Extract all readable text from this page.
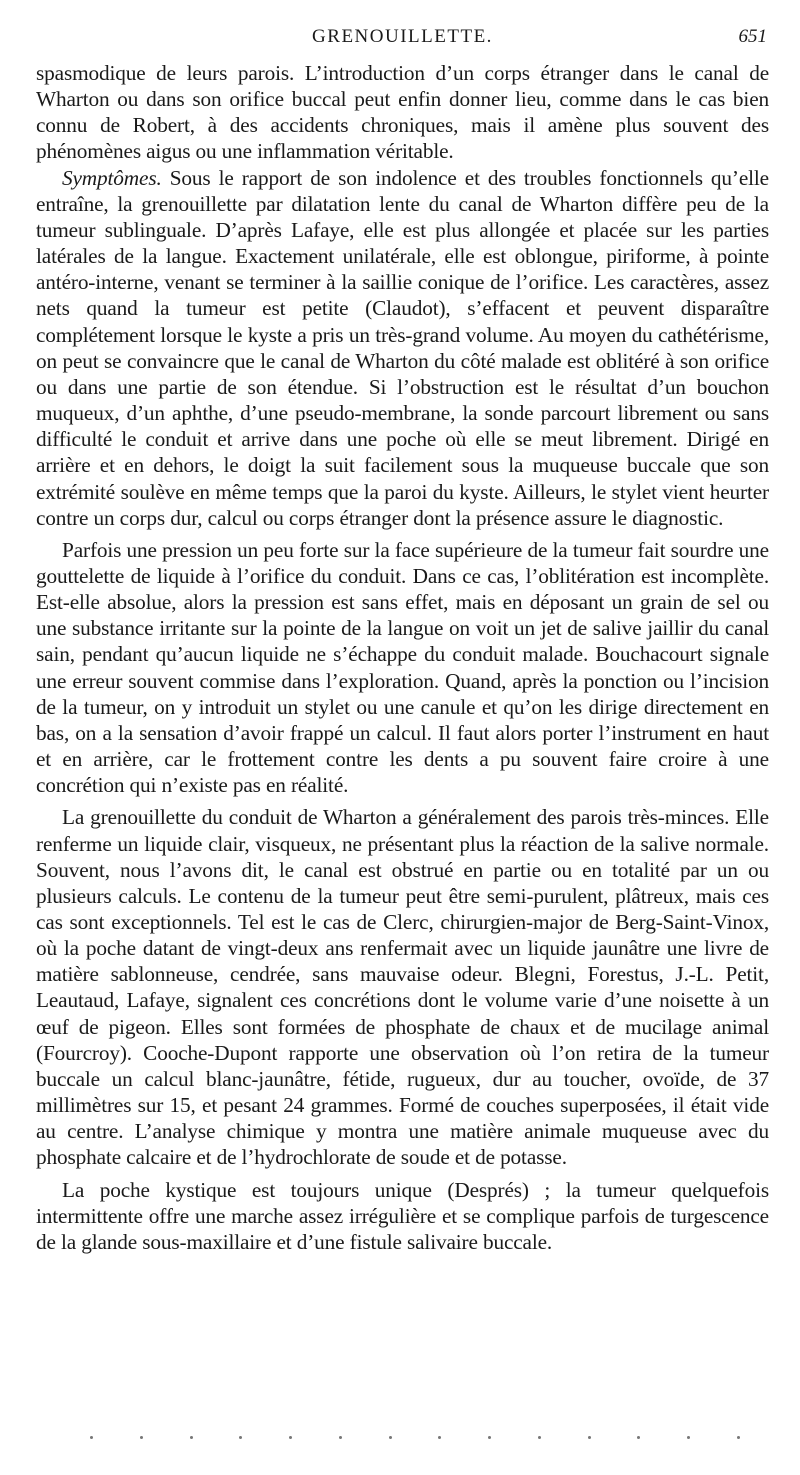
GRENOUILLETTE.	651

spasmodique de leurs parois. L’introduction d’un corps étranger dans le canal de Wharton ou dans son orifice buccal peut enfin donner lieu, comme dans le cas bien connu de Robert, à des accidents chroniques, mais il amène plus souvent des phénomènes aigus ou une inflammation véritable.

Symptômes. Sous le rapport de son indolence et des troubles fonctionnels qu’elle entraîne, la grenouillette par dilatation lente du canal de Wharton diffère peu de la tumeur sublinguale. D’après Lafaye, elle est plus allongée et placée sur les parties latérales de la langue. Exactement unilatérale, elle est oblongue, piriforme, à pointe antéro-interne, venant se terminer à la saillie conique de l’orifice. Les caractères, assez nets quand la tumeur est petite (Claudot), s’effacent et peuvent disparaître complétement lorsque le kyste a pris un très-grand volume. Au moyen du cathétérisme, on peut se convaincre que le canal de Wharton du côté malade est oblitéré à son orifice ou dans une partie de son étendue. Si l’obstruction est le résultat d’un bouchon muqueux, d’un aphthe, d’une pseudo-membrane, la sonde parcourt librement ou sans difficulté le conduit et arrive dans une poche où elle se meut librement. Dirigé en arrière et en dehors, le doigt la suit facilement sous la muqueuse buccale que son extrémité soulève en même temps que la paroi du kyste. Ailleurs, le stylet vient heurter contre un corps dur, calcul ou corps étranger dont la présence assure le diagnostic.

Parfois une pression un peu forte sur la face supérieure de la tumeur fait sourdre une gouttelette de liquide à l’orifice du conduit. Dans ce cas, l’oblitération est incomplète. Est-elle absolue, alors la pression est sans effet, mais en déposant un grain de sel ou une substance irritante sur la pointe de la langue on voit un jet de salive jaillir du canal sain, pendant qu’aucun liquide ne s’échappe du conduit malade. Bouchacourt signale une erreur souvent commise dans l’exploration. Quand, après la ponction ou l’incision de la tumeur, on y introduit un stylet ou une canule et qu’on les dirige directement en bas, on a la sensation d’avoir frappé un calcul. Il faut alors porter l’instrument en haut et en arrière, car le frottement contre les dents a pu souvent faire croire à une concrétion qui n’existe pas en réalité.

La grenouillette du conduit de Wharton a généralement des parois très-minces. Elle renferme un liquide clair, visqueux, ne présentant plus la réaction de la salive normale. Souvent, nous l’avons dit, le canal est obstrué en partie ou en totalité par un ou plusieurs calculs. Le contenu de la tumeur peut être semi-purulent, plâtreux, mais ces cas sont exceptionnels. Tel est le cas de Clerc, chirurgien-major de Berg-Saint-Vinox, où la poche datant de vingt-deux ans renfermait avec un liquide jaunâtre une livre de matière sablonneuse, cendrée, sans mauvaise odeur. Blegni, Forestus, J.-L. Petit, Leautaud, Lafaye, signalent ces concrétions dont le volume varie d’une noisette à un œuf de pigeon. Elles sont formées de phosphate de chaux et de mucilage animal (Fourcroy). Cooche-Dupont rapporte une observation où l’on retira de la tumeur buccale un calcul blanc-jaunâtre, fétide, rugueux, dur au toucher, ovoïde, de 37 millimètres sur 15, et pesant 24 grammes. Formé de couches superposées, il était vide au centre. L’analyse chimique y montra une matière animale muqueuse avec du phosphate calcaire et de l’hydrochlorate de soude et de potasse.

La poche kystique est toujours unique (Després) ; la tumeur quelquefois intermittente offre une marche assez irrégulière et se complique parfois de turgescence de la glande sous-maxillaire et d’une fistule salivaire buccale.
